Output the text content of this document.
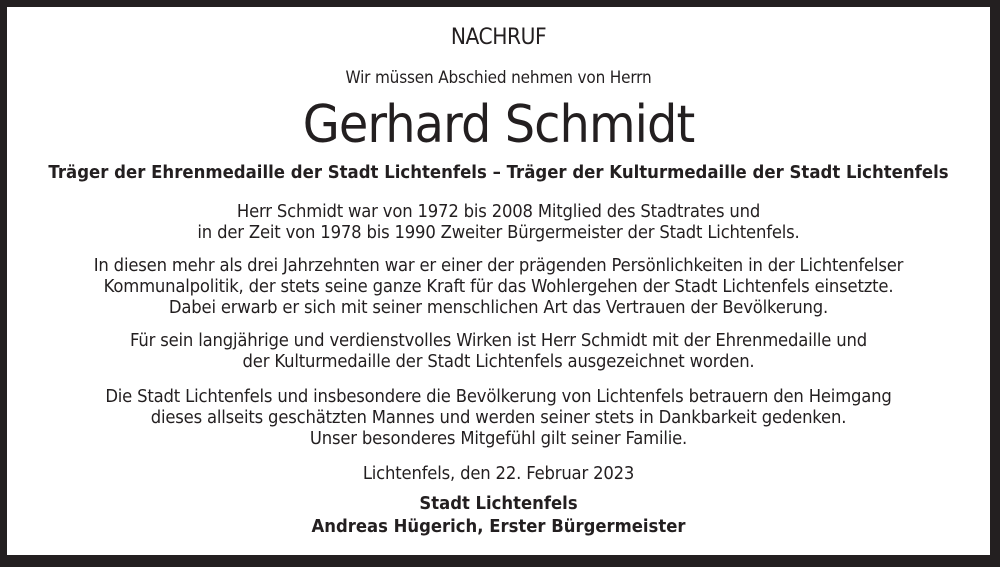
NACHRUF
Wir müssen Abschied nehmen von Herrn
Gerhard Schmidt
Träger der Ehrenmedaille der Stadt Lichtenfels – Träger der Kulturmedaille der Stadt Lichtenfels
Herr Schmidt war von 1972 bis 2008 Mitglied des Stadtrates und
in der Zeit von 1978 bis 1990 Zweiter Bürgermeister der Stadt Lichtenfels.
In diesen mehr als drei Jahrzehnten war er einer der prägenden Persönlichkeiten in der Lichtenfelser
Kommunalpolitik, der stets seine ganze Kraft für das Wohlergehen der Stadt Lichtenfels einsetzte.
Dabei erwarb er sich mit seiner menschlichen Art das Vertrauen der Bevölkerung.
Für sein langjährige und verdienstvolles Wirken ist Herr Schmidt mit der Ehrenmedaille und
der Kulturmedaille der Stadt Lichtenfels ausgezeichnet worden.
Die Stadt Lichtenfels und insbesondere die Bevölkerung von Lichtenfels betrauern den Heimgang
dieses allseits geschätzten Mannes und werden seiner stets in Dankbarkeit gedenken.
Unser besonderes Mitgefühl gilt seiner Familie.
Lichtenfels, den 22. Februar 2023
Stadt Lichtenfels
Andreas Hügerich, Erster Bürgermeister
